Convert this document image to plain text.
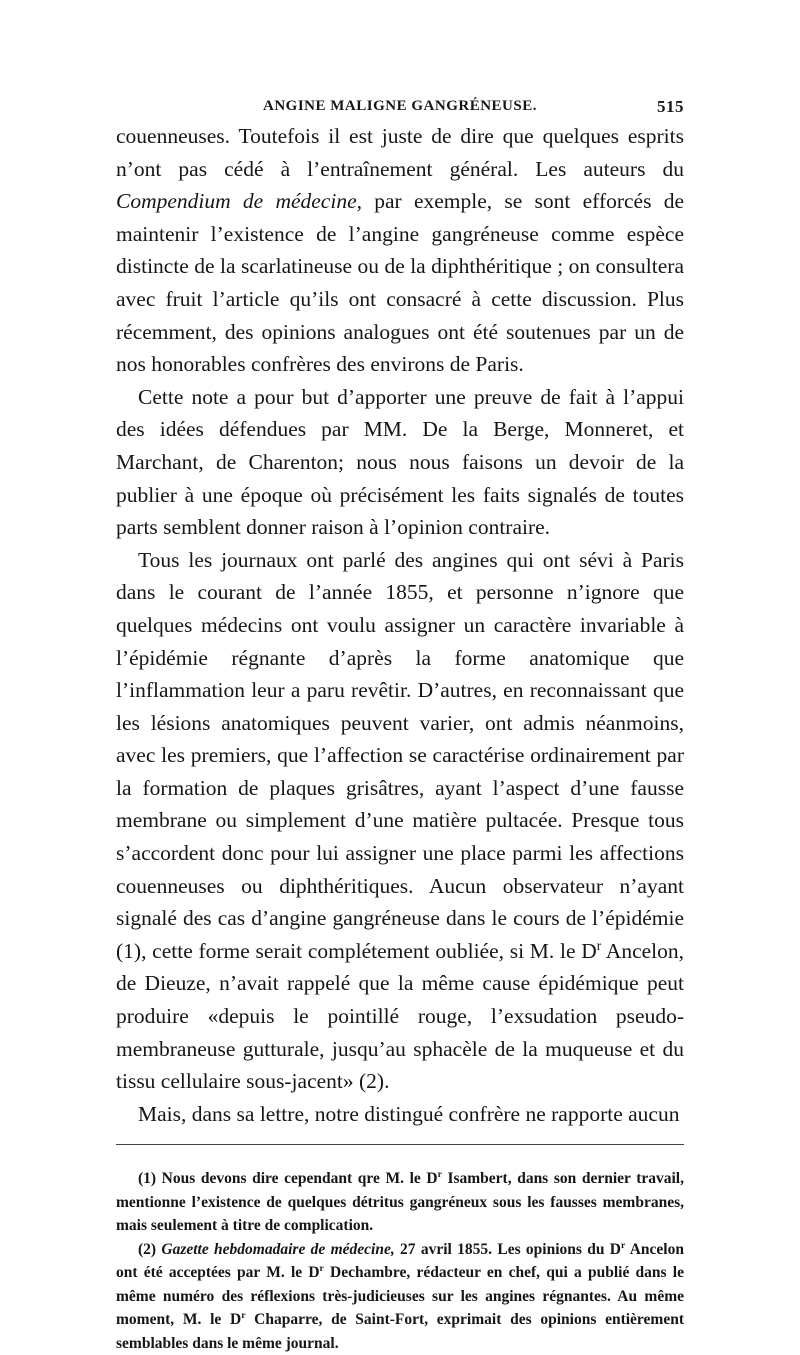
ANGINE MALIGNE GANGRÉNEUSE.	515

couenneuses. Toutefois il est juste de dire que quelques esprits n’ont pas cédé à l’entraînement général. Les auteurs du Compendium de médecine, par exemple, se sont efforcés de maintenir l’existence de l’angine gangréneuse comme espèce distincte de la scarlatineuse ou de la diphthéritique ; on consultera avec fruit l’article qu’ils ont consacré à cette discussion. Plus récemment, des opinions analogues ont été soutenues par un de nos honorables confrères des environs de Paris.

Cette note a pour but d’apporter une preuve de fait à l’appui des idées défendues par MM. De la Berge, Monneret, et Marchant, de Charenton; nous nous faisons un devoir de la publier à une époque où précisément les faits signalés de toutes parts semblent donner raison à l’opinion contraire.

Tous les journaux ont parlé des angines qui ont sévi à Paris dans le courant de l’année 1855, et personne n’ignore que quelques médecins ont voulu assigner un caractère invariable à l’épidémie régnante d’après la forme anatomique que l’inflammation leur a paru revêtir. D’autres, en reconnaissant que les lésions anatomiques peuvent varier, ont admis néanmoins, avec les premiers, que l’affection se caractérise ordinairement par la formation de plaques grisâtres, ayant l’aspect d’une fausse membrane ou simplement d’une matière pultacée. Presque tous s’accordent donc pour lui assigner une place parmi les affections couenneuses ou diphthéritiques. Aucun observateur n’ayant signalé des cas d’angine gangréneuse dans le cours de l’épidémie (1), cette forme serait complétement oubliée, si M. le $D^r$ Ancelon, de Dieuze, n’avait rappelé que la même cause épidémique peut produire «depuis le pointillé rouge, l’exsudation pseudo-membraneuse gutturale, jusqu’au sphacèle de la muqueuse et du tissu cellulaire sous-jacent» (2).

Mais, dans sa lettre, notre distingué confrère ne rapporte aucun

(1) Nous devons dire cependant qre M. le $D^r$ Isambert, dans son dernier travail, mentionne l’existence de quelques détritus gangréneux sous les fausses membranes, mais seulement à titre de complication.

(2) Gazette hebdomadaire de médecine, 27 avril 1855. Les opinions du $D^r$ Ancelon ont été acceptées par M. le $D^r$ Dechambre, rédacteur en chef, qui a publié dans le même numéro des réflexions très-judicieuses sur les angines régnantes. Au même moment, M. le $D^r$ Chaparre, de Saint-Fort, exprimait des opinions entièrement semblables dans le même journal.
